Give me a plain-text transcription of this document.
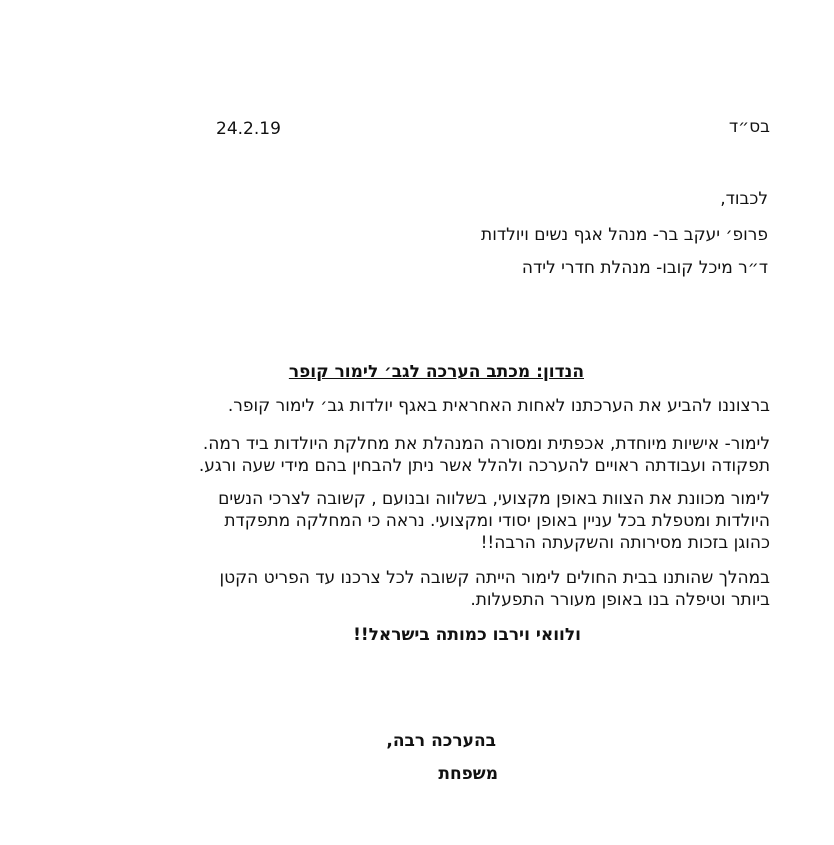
בס״ד
24.2.19
לכבוד,
פרופ׳ יעקב בר- מנהל אגף נשים ויולדות
ד״ר מיכל קובו- מנהלת חדרי לידה
הנדון: מכתב הערכה לגב׳ לימור קופר
ברצוננו להביע את הערכתנו לאחות האחראית באגף יולדות גב׳ לימור קופר.
לימור- אישיות מיוחדת, אכפתית ומסורה המנהלת את מחלקת היולדות ביד רמה.
תפקודה ועבודתה ראויים להערכה ולהלל אשר ניתן להבחין בהם מידי שעה ורגע.
לימור מכוונת את הצוות באופן מקצועי, בשלווה ובנועם , קשובה לצרכי הנשים
היולדות ומטפלת בכל עניין באופן יסודי ומקצועי. נראה כי המחלקה מתפקדת
כהוגן בזכות מסירותה והשקעתה הרבה!!
במהלך שהותנו בבית החולים לימור הייתה קשובה לכל צרכנו עד הפריט הקטן
ביותר וטיפלה בנו באופן מעורר התפעלות.
ולוואי וירבו כמותה בישראל!!
בהערכה רבה,
משפחת
